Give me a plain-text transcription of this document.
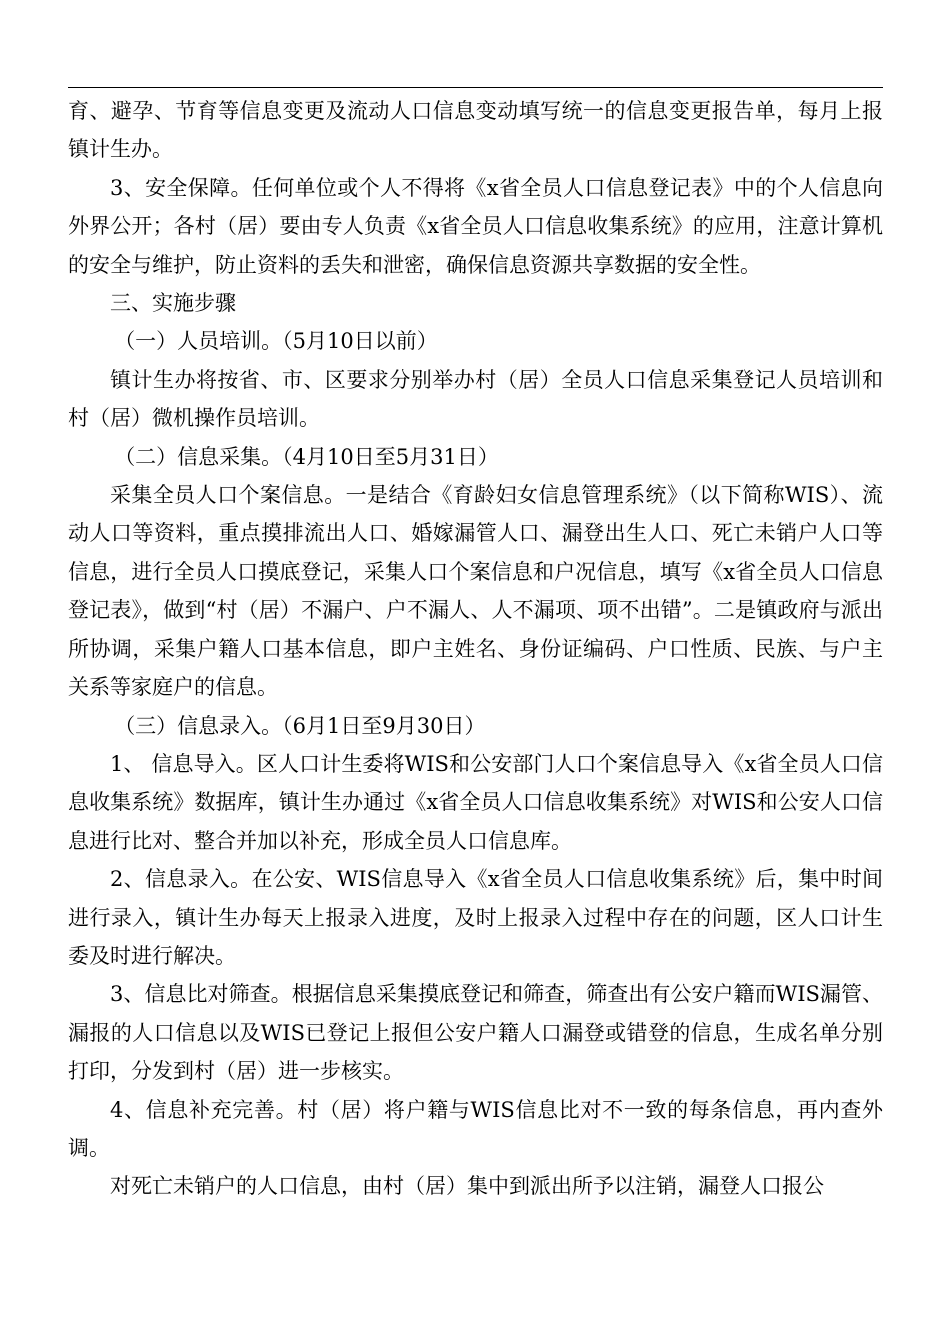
育、避孕、节育等信息变更及流动人口信息变动填写统一的信息变更报告单，每月上报镇计生办。

3、安全保障。任何单位或个人不得将《x省全员人口信息登记表》中的个人信息向外界公开；各村（居）要由专人负责《x省全员人口信息收集系统》的应用，注意计算机的安全与维护，防止资料的丢失和泄密，确保信息资源共享数据的安全性。

三、实施步骤

（一）人员培训。（5月10日以前）

镇计生办将按省、市、区要求分别举办村（居）全员人口信息采集登记人员培训和村（居）微机操作员培训。

（二）信息采集。（4月10日至5月31日）

采集全员人口个案信息。一是结合《育龄妇女信息管理系统》（以下简称WIS）、流动人口等资料，重点摸排流出人口、婚嫁漏管人口、漏登出生人口、死亡未销户人口等信息，进行全员人口摸底登记，采集人口个案信息和户况信息，填写《x省全员人口信息登记表》，做到“村（居）不漏户、户不漏人、人不漏项、项不出错”。二是镇政府与派出所协调，采集户籍人口基本信息，即户主姓名、身份证编码、户口性质、民族、与户主关系等家庭户的信息。

（三）信息录入。（6月1日至9月30日）

1、 信息导入。区人口计生委将WIS和公安部门人口个案信息导入《x省全员人口信息收集系统》数据库，镇计生办通过《x省全员人口信息收集系统》对WIS和公安人口信息进行比对、整合并加以补充，形成全员人口信息库。

2、信息录入。在公安、WIS信息导入《x省全员人口信息收集系统》后，集中时间进行录入，镇计生办每天上报录入进度，及时上报录入过程中存在的问题，区人口计生委及时进行解决。

3、信息比对筛查。根据信息采集摸底登记和筛查，筛查出有公安户籍而WIS漏管、漏报的人口信息以及WIS已登记上报但公安户籍人口漏登或错登的信息，生成名单分别打印，分发到村（居）进一步核实。

4、信息补充完善。村（居）将户籍与WIS信息比对不一致的每条信息，再内查外调。

对死亡未销户的人口信息，由村（居）集中到派出所予以注销，漏登人口报公
